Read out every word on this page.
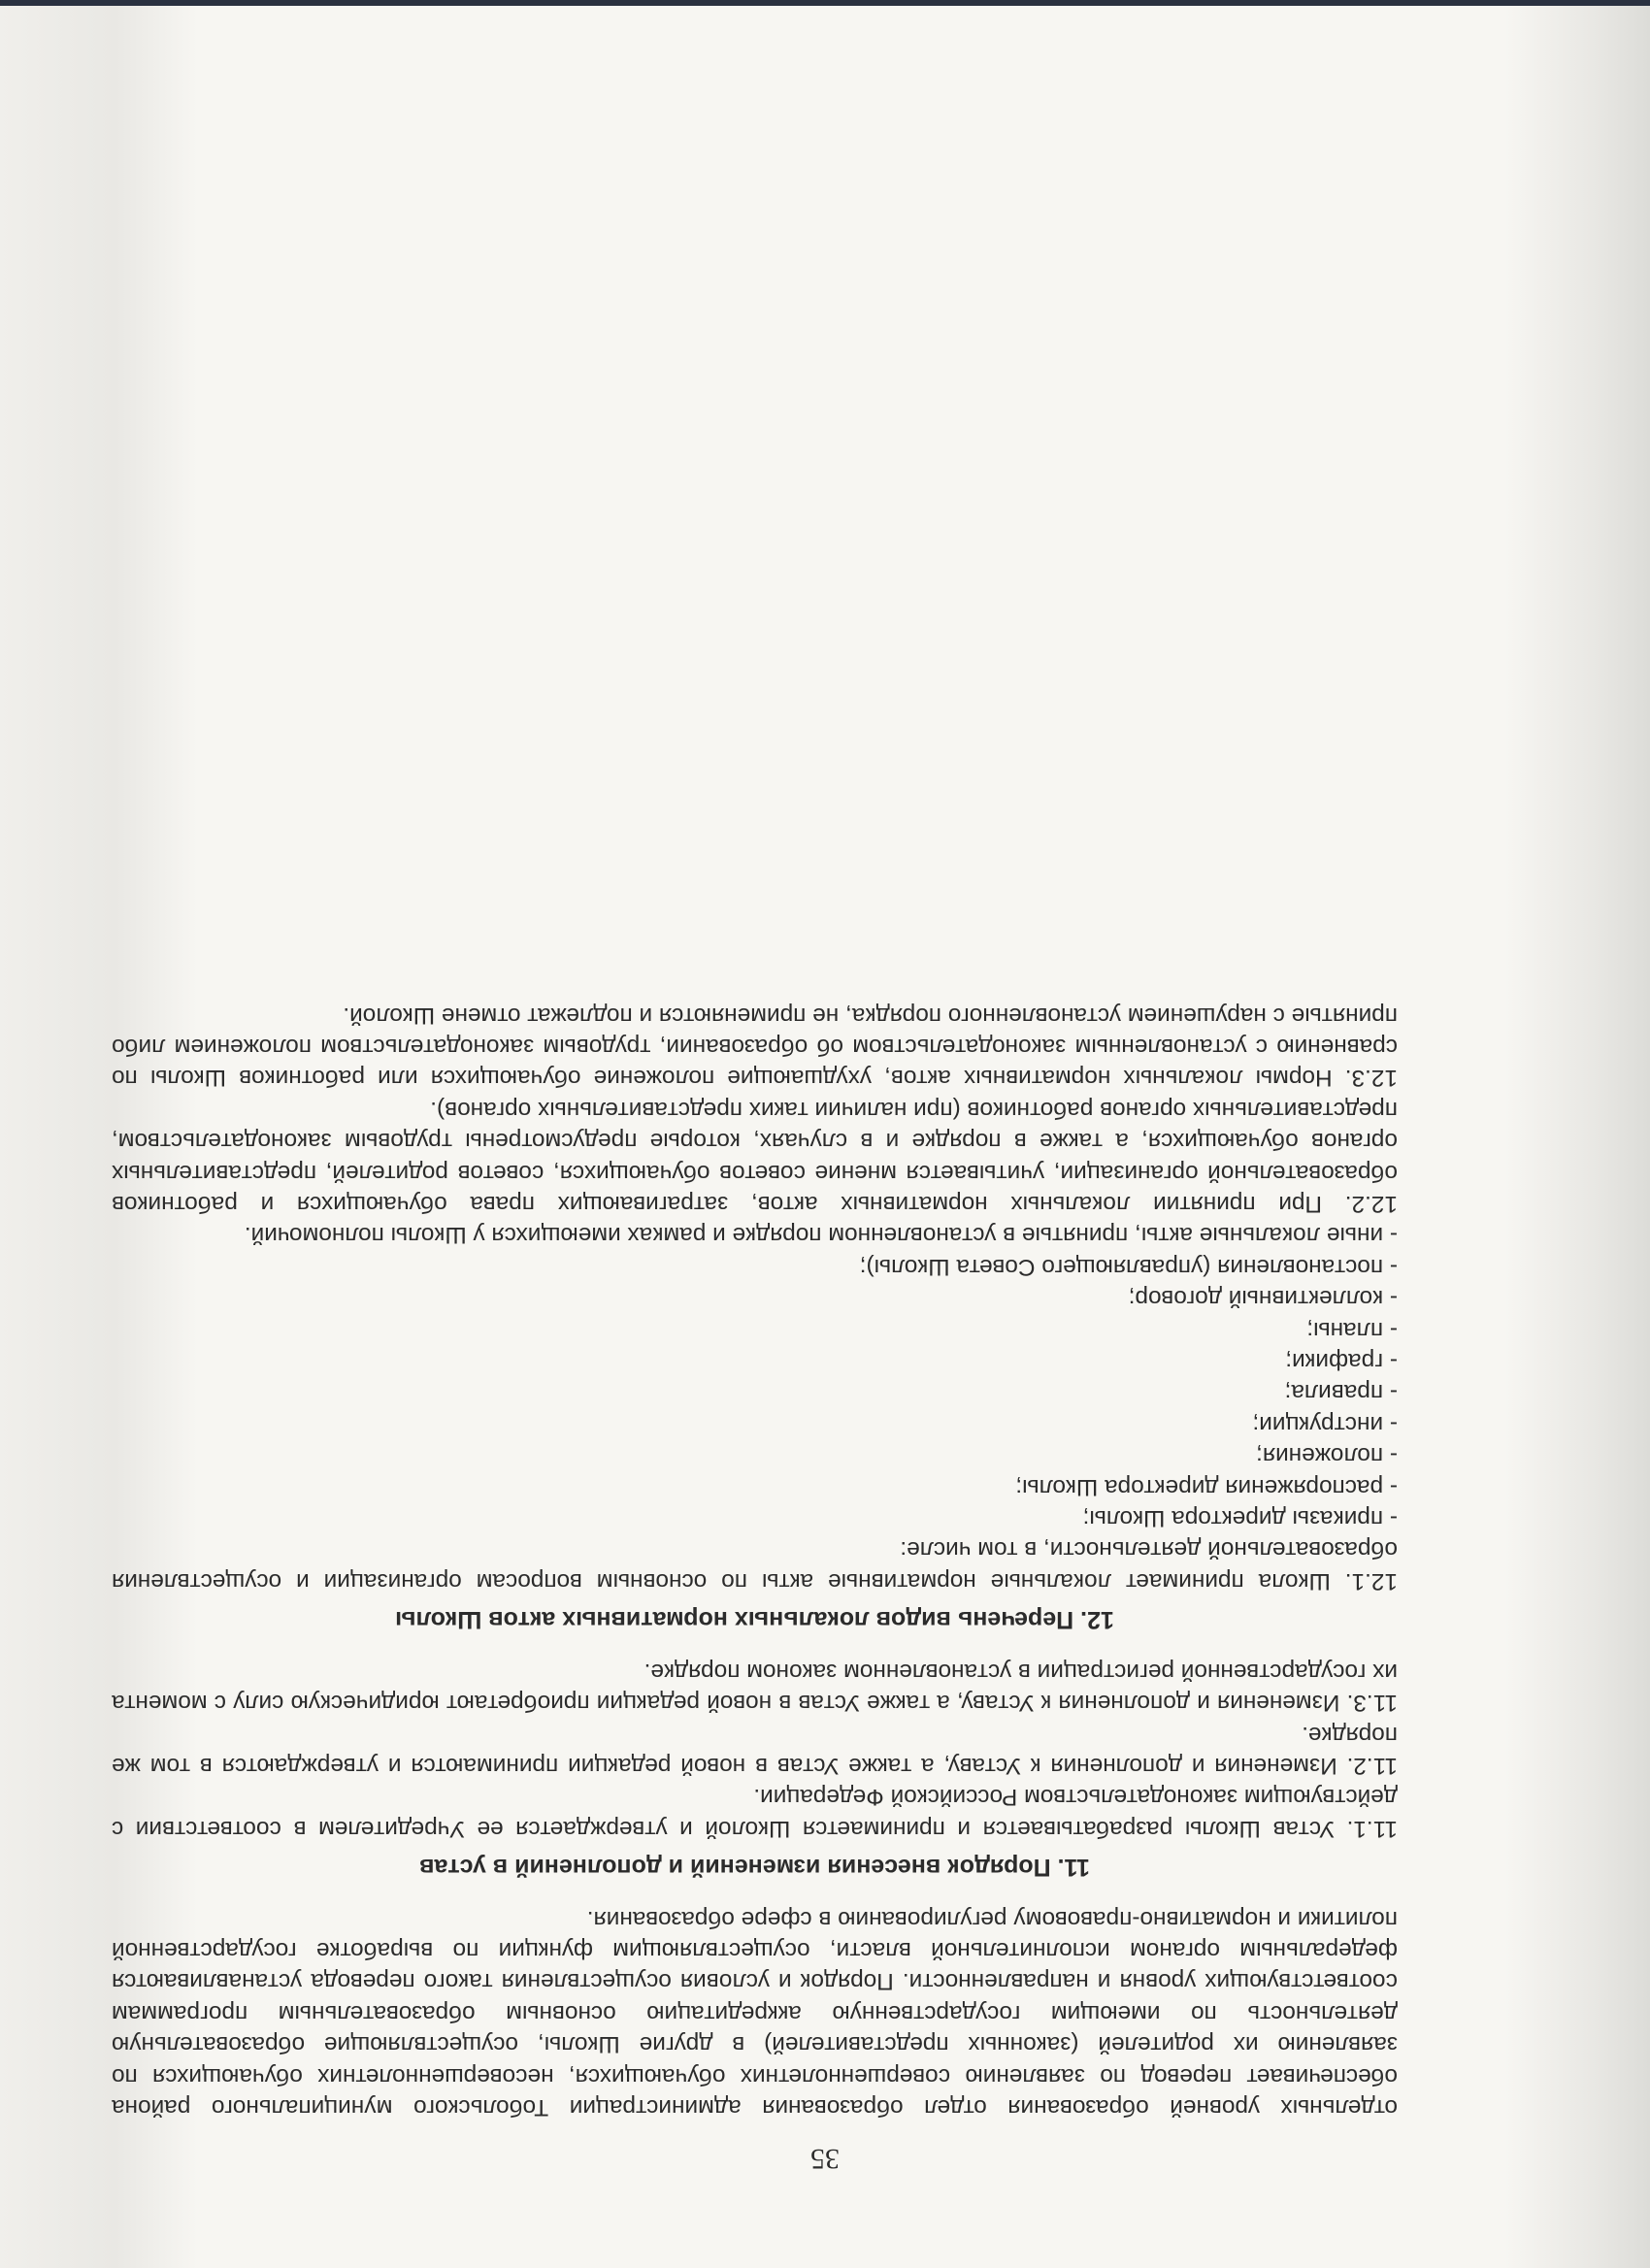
35

отдельных уровней образования отдел образования администрации Тобольского муниципального района обеспечивает перевод по заявлению совершеннолетних обучающихся, несовершеннолетних обучающихся по заявлению их родителей (законных представителей) в другие Школы, осуществляющие образовательную деятельность по имеющим государственную аккредитацию основным образовательным программам соответствующих уровня и направленности. Порядок и условия осуществления такого перевода устанавливаются федеральным органом исполнительной власти, осуществляющим функции по выработке государственной политики и нормативно-правовому регулированию в сфере образования.

11. Порядок внесения изменений и дополнений в устав

11.1. Устав Школы разрабатывается и принимается Школой и утверждается ее Учредителем в соответствии с действующим законодательством Российской Федерации.

11.2. Изменения и дополнения к Уставу, а также Устав в новой редакции принимаются и утверждаются в том же порядке.

11.3. Изменения и дополнения к Уставу, а также Устав в новой редакции приобретают юридическую силу с момента их государственной регистрации в установленном законом порядке.

12. Перечень видов локальных нормативных актов Школы

12.1. Школа принимает локальные нормативные акты по основным вопросам организации и осуществления образовательной деятельности, в том числе:

- приказы директора Школы;

- распоряжения директора Школы;

- положения;

- инструкции;

- правила;

- графики;

- планы;

- коллективный договор;

- постановления (управляющего Совета Школы);

- иные локальные акты, принятые в установленном порядке и рамках имеющихся у Школы полномочий.

12.2. При принятии локальных нормативных актов, затрагивающих права обучающихся и работников образовательной организации, учитывается мнение советов обучающихся, советов родителей, представительных органов обучающихся, а также в порядке и в случаях, которые предусмотрены трудовым законодательством, представительных органов работников (при наличии таких представительных органов).

12.3. Нормы локальных нормативных актов, ухудшающие положение обучающихся или работников Школы по сравнению с установленным законодательством об образовании, трудовым законодательством положением либо принятые с нарушением установленного порядка, не применяются и подлежат отмене Школой.
